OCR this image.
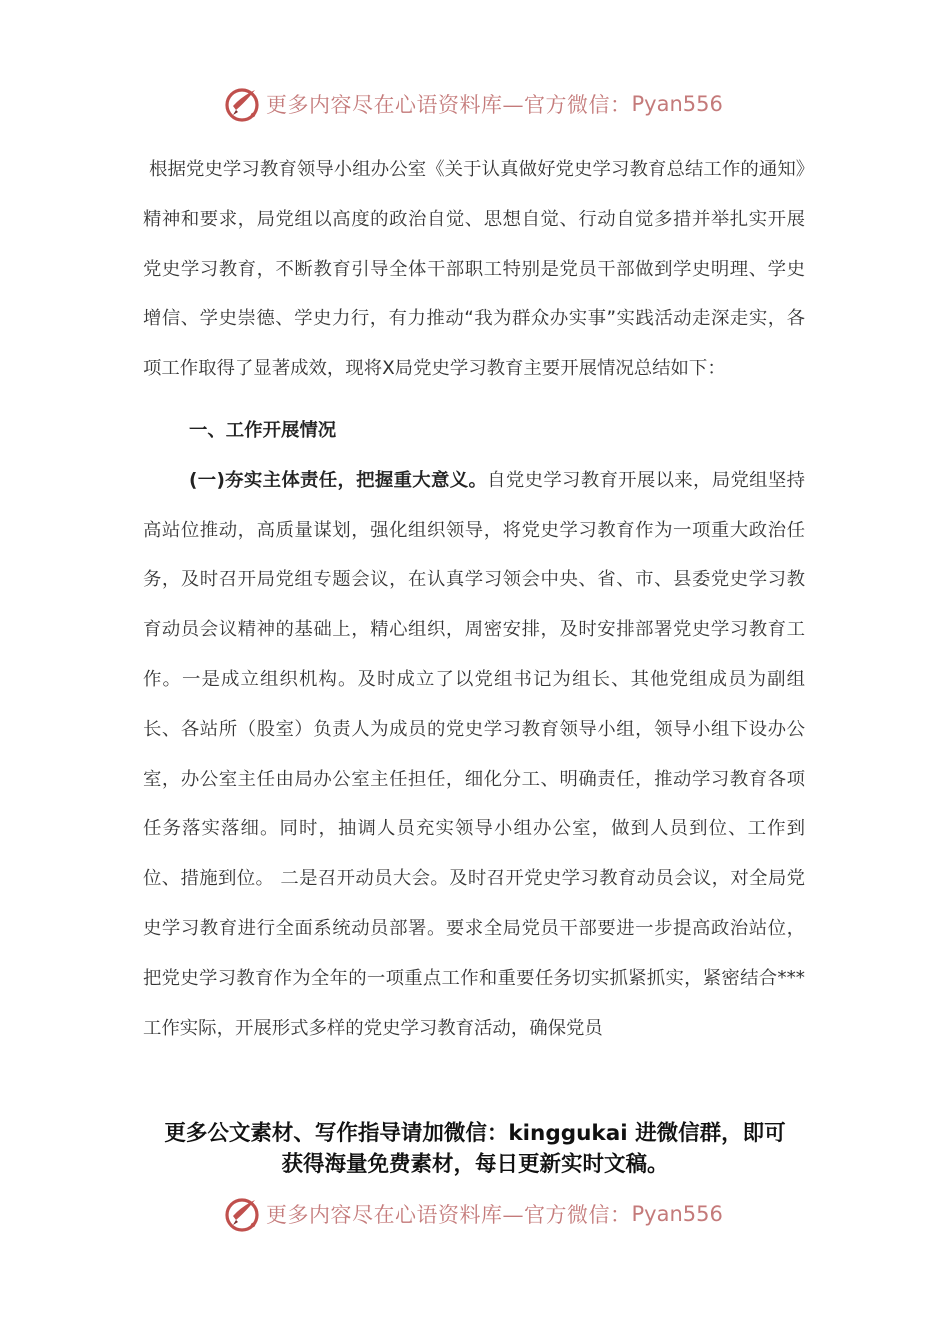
更多内容尽在心语资料库—官方微信： Pyan556

根据党史学习教育领导小组办公室《关于认真做好党史学习教育总结工作的通知》精神和要求，局党组以高度的政治自觉、思想自觉、行动自觉多措并举扎实开展党史学习教育，不断教育引导全体干部职工特别是党员干部做到学史明理、学史增信、学史崇德、学史力行，有力推动“我为群众办实事”实践活动走深走实，各项工作取得了显著成效，现将Ⅹ局党史学习教育主要开展情况总结如下：

一、工作开展情况

(一)夯实主体责任，把握重大意义。自党史学习教育开展以来，局党组坚持高站位推动，高质量谋划，强化组织领导，将党史学习教育作为一项重大政治任务，及时召开局党组专题会议，在认真学习领会中央、省、市、县委党史学习教育动员会议精神的基础上，精心组织，周密安排，及时安排部署党史学习教育工作。一是成立组织机构。及时成立了以党组书记为组长、其他党组成员为副组长、各站所（股室）负责人为成员的党史学习教育领导小组，领导小组下设办公室，办公室主任由局办公室主任担任，细化分工、明确责任，推动学习教育各项任务落实落细。同时，抽调人员充实领导小组办公室，做到人员到位、工作到位、措施到位。 二是召开动员大会。及时召开党史学习教育动员会议，对全局党史学习教育进行全面系统动员部署。要求全局党员干部要进一步提高政治站位，把党史学习教育作为全年的一项重点工作和重要任务切实抓紧抓实，紧密结合***工作实际，开展形式多样的党史学习教育活动，确保党员

更多公文素材、写作指导请加微信：kinggukai 进微信群，即可
获得海量免费素材，每日更新实时文稿。
更多内容尽在心语资料库—官方微信： Pyan556
